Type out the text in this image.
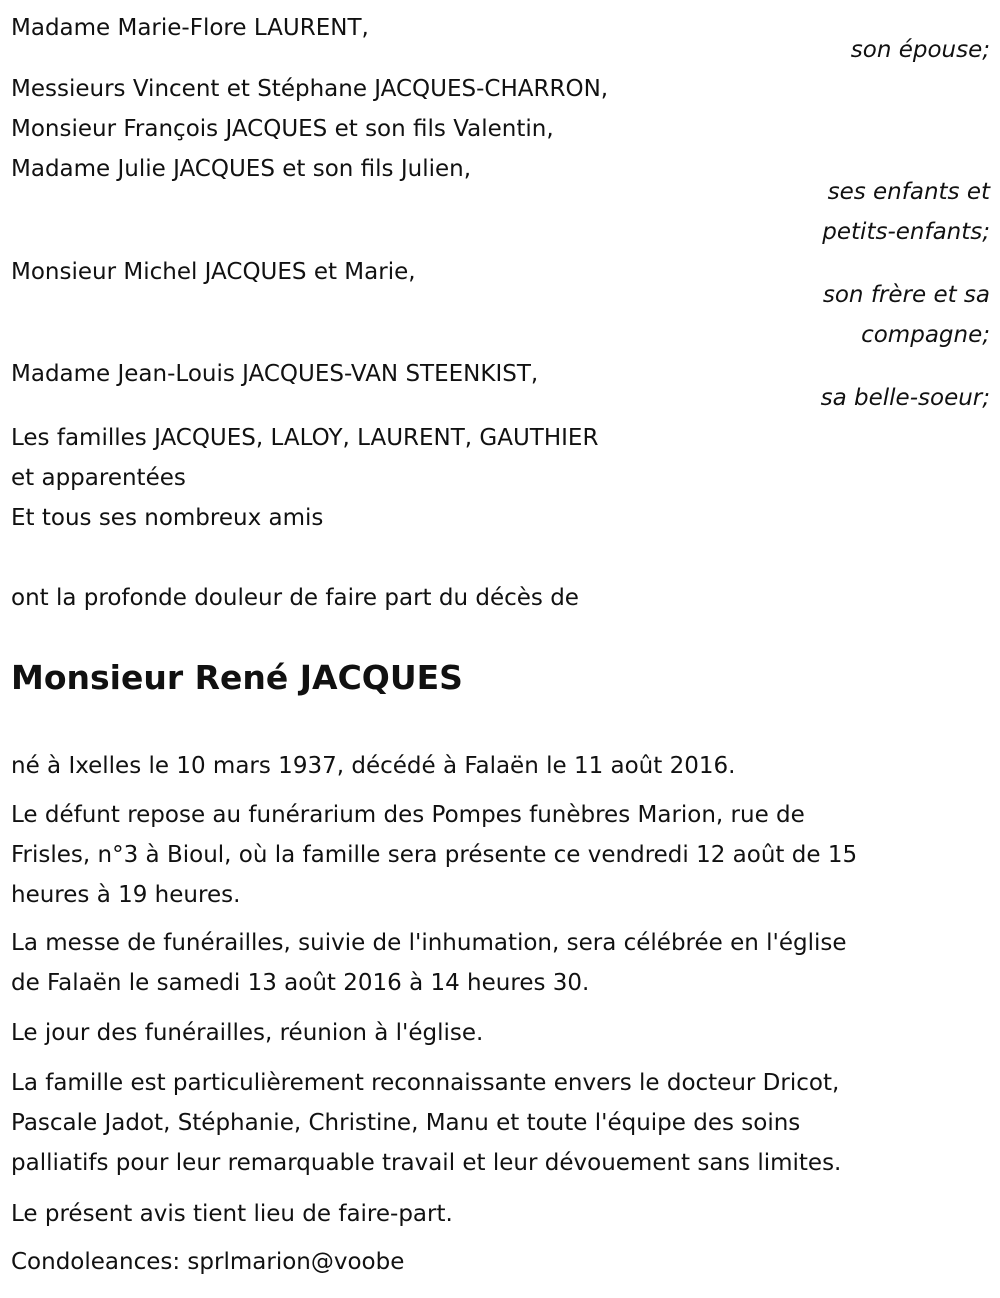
Madame Marie-Flore LAURENT,
son épouse;
Messieurs Vincent et Stéphane JACQUES-CHARRON,
Monsieur François JACQUES et son fils Valentin,
Madame Julie JACQUES et son fils Julien,
ses enfants et
petits-enfants;
Monsieur Michel JACQUES et Marie,
son frère et sa
compagne;
Madame Jean-Louis JACQUES-VAN STEENKIST,
sa belle-soeur;
Les familles JACQUES, LALOY, LAURENT, GAUTHIER
et apparentées
Et tous ses nombreux amis
ont la profonde douleur de faire part du décès de
Monsieur René JACQUES
né à Ixelles le 10 mars 1937, décédé à Falaën le 11 août 2016.
Le défunt repose au funérarium des Pompes funèbres Marion, rue de
Frisles, n°3 à Bioul, où la famille sera présente ce vendredi 12 août de 15
heures à 19 heures.
La messe de funérailles, suivie de l'inhumation, sera célébrée en l'église
de Falaën le samedi 13 août 2016 à 14 heures 30.
Le jour des funérailles, réunion à l'église.
La famille est particulièrement reconnaissante envers le docteur Dricot,
Pascale Jadot, Stéphanie, Christine, Manu et toute l'équipe des soins
palliatifs pour leur remarquable travail et leur dévouement sans limites.
Le présent avis tient lieu de faire-part.
Condoleances: sprlmarion@voobe
